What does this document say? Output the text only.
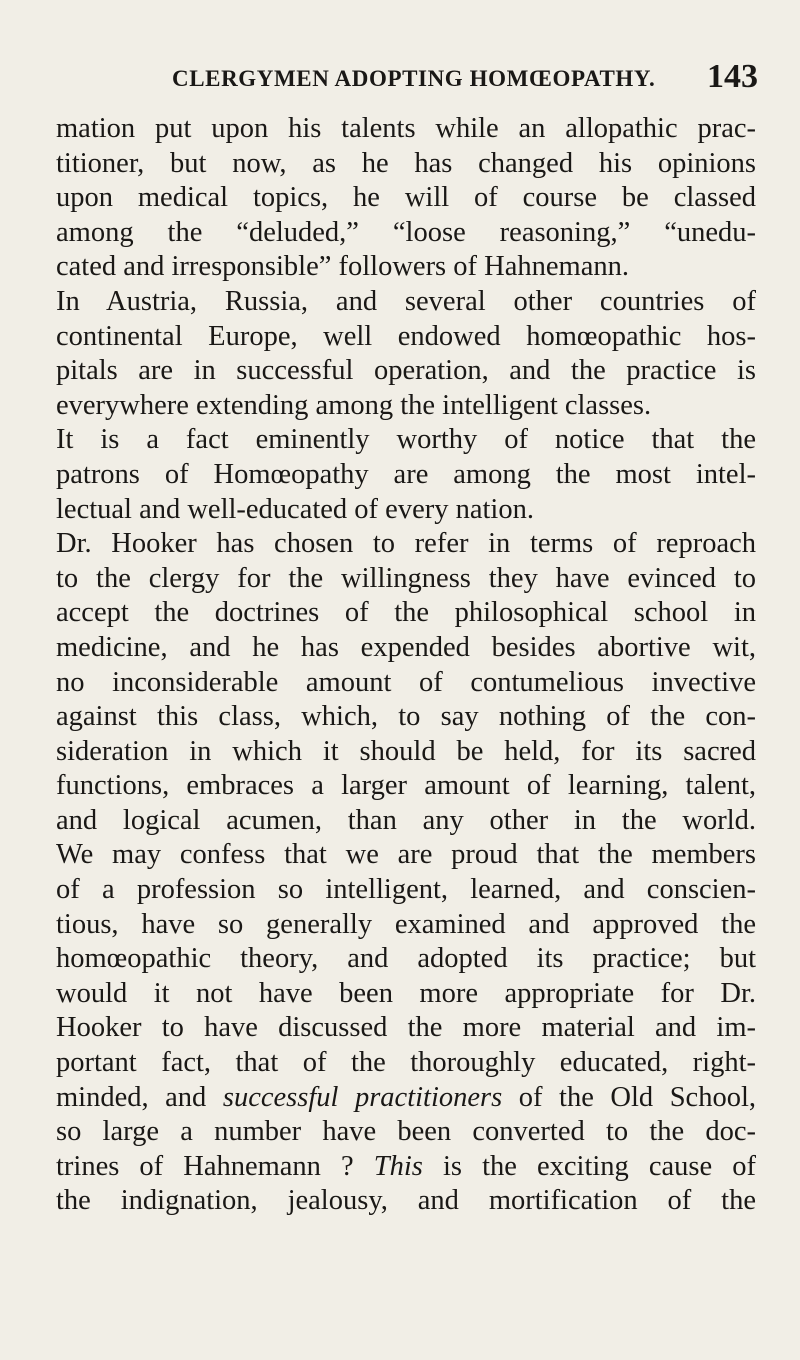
CLERGYMEN ADOPTING HOMŒOPATHY. 143
mation put upon his talents while an allopathic prac-
titioner, but now, as he has changed his opinions
upon medical topics, he will of course be classed
among the “deluded,” “loose reasoning,” “unedu-
cated and irresponsible” followers of Hahnemann.
In Austria, Russia, and several other countries of
continental Europe, well endowed homœopathic hos-
pitals are in successful operation, and the practice is
everywhere extending among the intelligent classes.
It is a fact eminently worthy of notice that the
patrons of Homœopathy are among the most intel-
lectual and well-educated of every nation.
Dr. Hooker has chosen to refer in terms of reproach
to the clergy for the willingness they have evinced to
accept the doctrines of the philosophical school in
medicine, and he has expended besides abortive wit,
no inconsiderable amount of contumelious invective
against this class, which, to say nothing of the con-
sideration in which it should be held, for its sacred
functions, embraces a larger amount of learning, talent,
and logical acumen, than any other in the world.
We may confess that we are proud that the members
of a profession so intelligent, learned, and conscien-
tious, have so generally examined and approved the
homœopathic theory, and adopted its practice; but
would it not have been more appropriate for Dr.
Hooker to have discussed the more material and im-
portant fact, that of the thoroughly educated, right-
minded, and successful practitioners of the Old School,
so large a number have been converted to the doc-
trines of Hahnemann ? This is the exciting cause of
the indignation, jealousy, and mortification of the
